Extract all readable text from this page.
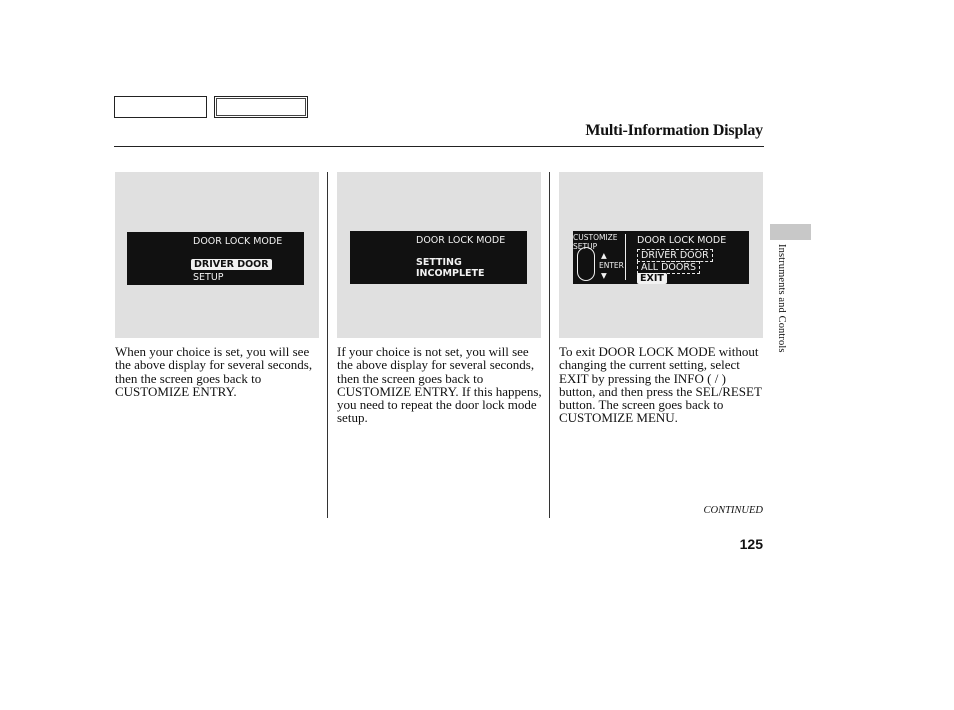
Multi-Information Display
DOOR LOCK MODE
DRIVER DOOR
SETUP
DOOR LOCK MODE
SETTING
INCOMPLETE
CUSTOMIZE
SETUP
▲
ENTER
▼
DOOR LOCK MODE
DRIVER DOOR
ALL DOORS
EXIT

When your choice is set, you will see the above display for several seconds, then the screen goes back to CUSTOMIZE ENTRY.

If your choice is not set, you will see the above display for several seconds, then the screen goes back to CUSTOMIZE ENTRY. If this happens, you need to repeat the door lock mode setup.

To exit DOOR LOCK MODE without changing the current setting, select EXIT by pressing the INFO ( / ) button, and then press the SEL/RESET button. The screen goes back to CUSTOMIZE MENU.

Instruments and Controls
CONTINUED
125
